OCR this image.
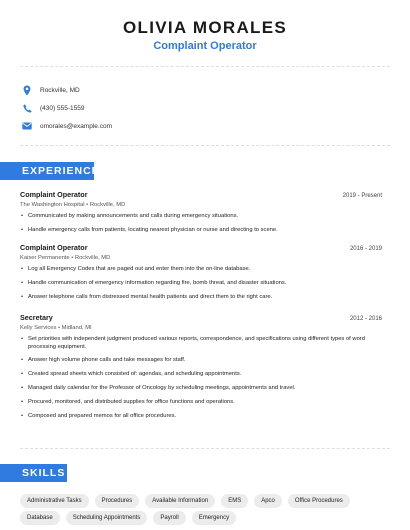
OLIVIA MORALES
Complaint Operator
Rockville, MD
(430) 555-1559
omorales@example.com
EXPERIENCE
Complaint Operator	2019 - Present
The Washington Hospital • Rockville, MD
• Communicated by making announcements and calls during emergency situations.
• Handle emergency calls from patients, locating nearest physician or nurse and directing to scene.
Complaint Operator	2016 - 2019
Kaiser Permanente • Rockville, MD
• Log all Emergency Codes that are paged out and enter them into the on-line database.
• Handle communication of emergency information regarding fire, bomb threat, and disaster situations.
• Answer telephone calls from distressed mental health patients and direct them to the right care.
Secretary	2012 - 2016
Kelly Services • Midland, MI
• Set priorities with independent judgment produced various reports, correspondence, and specifications using different types of word processing equipment.
• Answer high volume phone calls and take messages for staff.
• Created spread sheets which consisted of: agendas, and scheduling appointments.
• Managed daily calendar for the Professor of Oncology by scheduling meetings, appointments and travel.
• Procured, monitored, and distributed supplies for office functions and operations.
• Composed and prepared memos for all office procedures.
SKILLS
Administrative Tasks	Procedures	Available Information	EMS	Apco	Office Procedures
Database	Scheduling Appointments	Payroll	Emergency
